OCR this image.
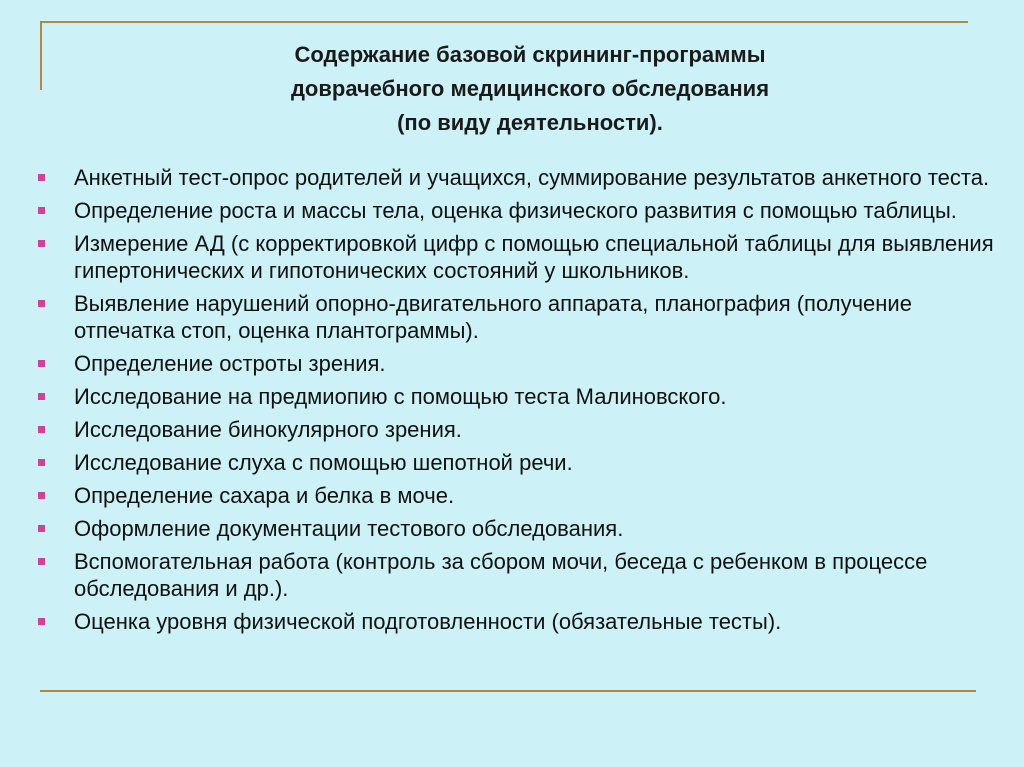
Содержание базовой скрининг-программы
доврачебного медицинского обследования
(по виду деятельности).
Анкетный тест-опрос родителей и учащихся, суммирование результатов анкетного теста.
Определение роста и массы тела, оценка физического развития с помощью таблицы.
Измерение АД (с корректировкой цифр с помощью специальной таблицы для выявления гипертонических и гипотонических состояний у школьников.
Выявление нарушений опорно-двигательного аппарата, планография (получение отпечатка стоп, оценка плантограммы).
Определение остроты зрения.
Исследование на предмиопию с помощью теста Малиновского.
Исследование бинокулярного зрения.
Исследование слуха с помощью шепотной речи.
Определение сахара и белка в моче.
Оформление документации тестового обследования.
Вспомогательная работа (контроль за сбором мочи, беседа с ребенком в процессе обследования и др.).
Оценка уровня физической подготовленности (обязательные тесты).
